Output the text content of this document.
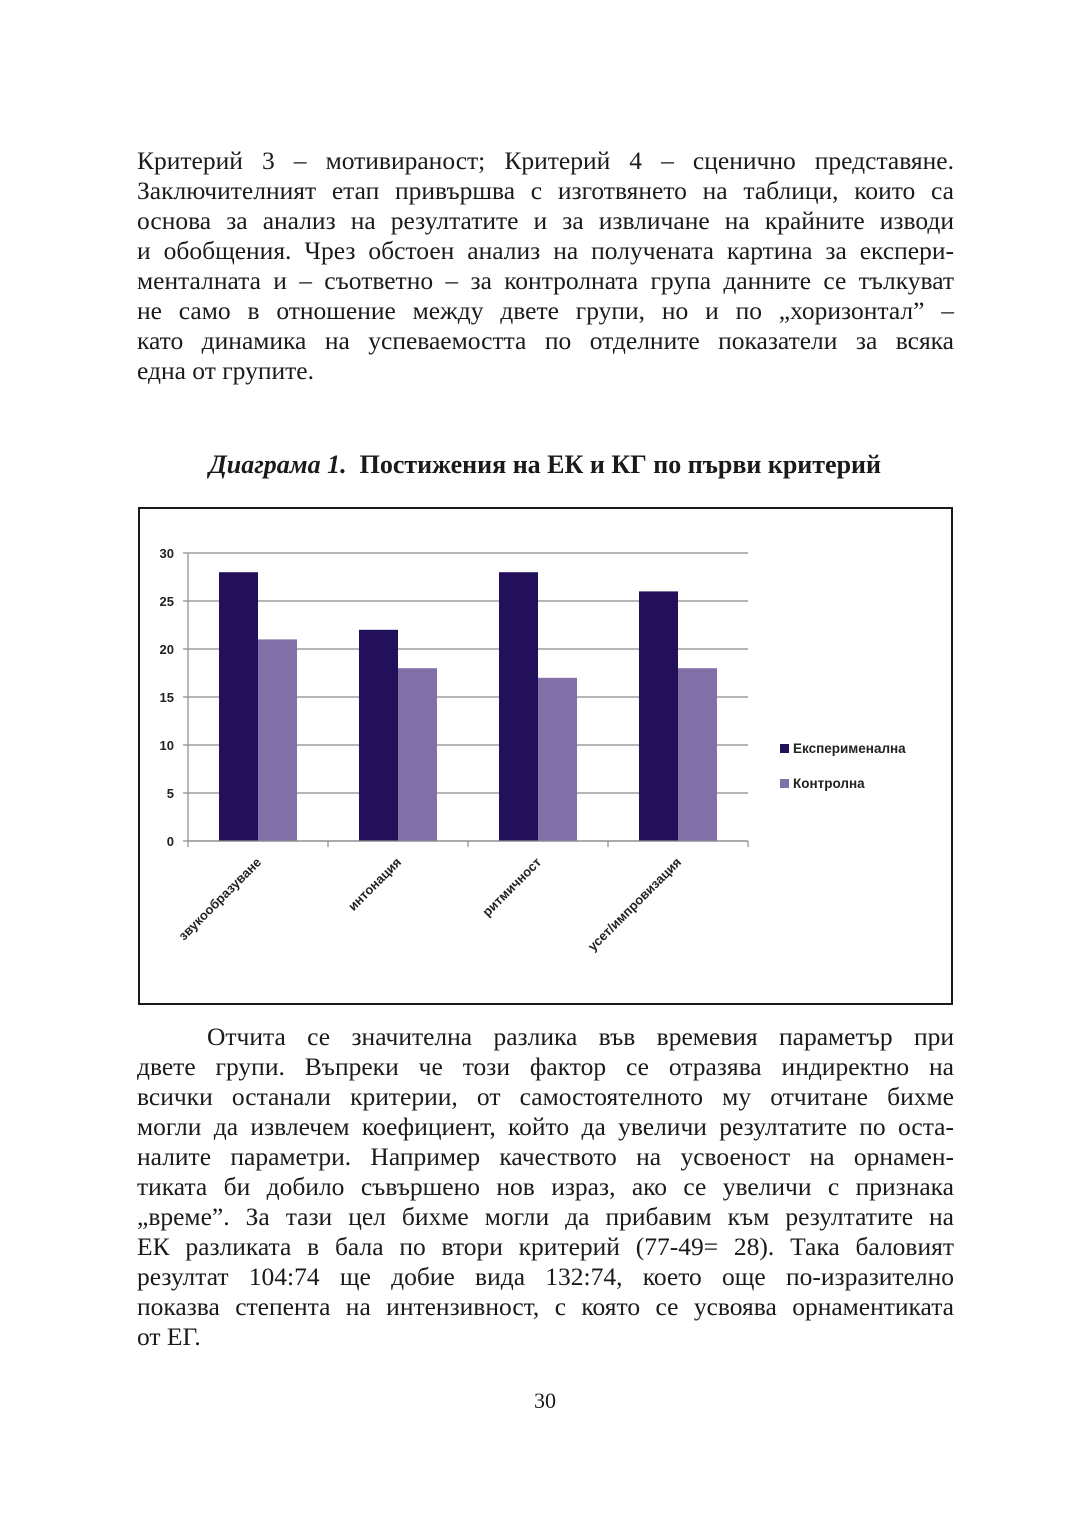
Критерий 3 – мотивираност; Критерий 4 – сценично представяне.
Заключителният етап привършва с изготвянето на таблици, които са
основа за анализ на резултатите и за извличане на крайните изводи
и обобщения. Чрез обстоен анализ на получената картина за експери-
менталната и – съответно – за контролната група данните се тълкуват
не само в отношение между двете групи, но и по „хоризонтал” –
като динамика на успеваемостта по отделните показатели за всяка
една от групите.
Диаграма 1. Постижения на ЕК и КГ по първи критерий
0
5
10
15
20
25
30
звукообразуване	интонация	ритмичност	усет/импровизация
Експерименална
Контролна
Отчита се значителна разлика във времевия параметър при
двете групи. Въпреки че този фактор се отразява индиректно на
всички останали критерии, от самостоятелното му отчитане бихме
могли да извлечем коефициент, който да увеличи резултатите по оста-
налите параметри. Например качеството на усвоеност на орнамен-
тиката би добило съвършено нов израз, ако се увеличи с признака
„време”. За тази цел бихме могли да прибавим към резултатите на
ЕК разликата в бала по втори критерий (77-49= 28). Така баловият
резултат 104:74 ще добие вида 132:74, което още по-изразително
показва степента на интензивност, с която се усвоява орнаментиката
от ЕГ.
30
